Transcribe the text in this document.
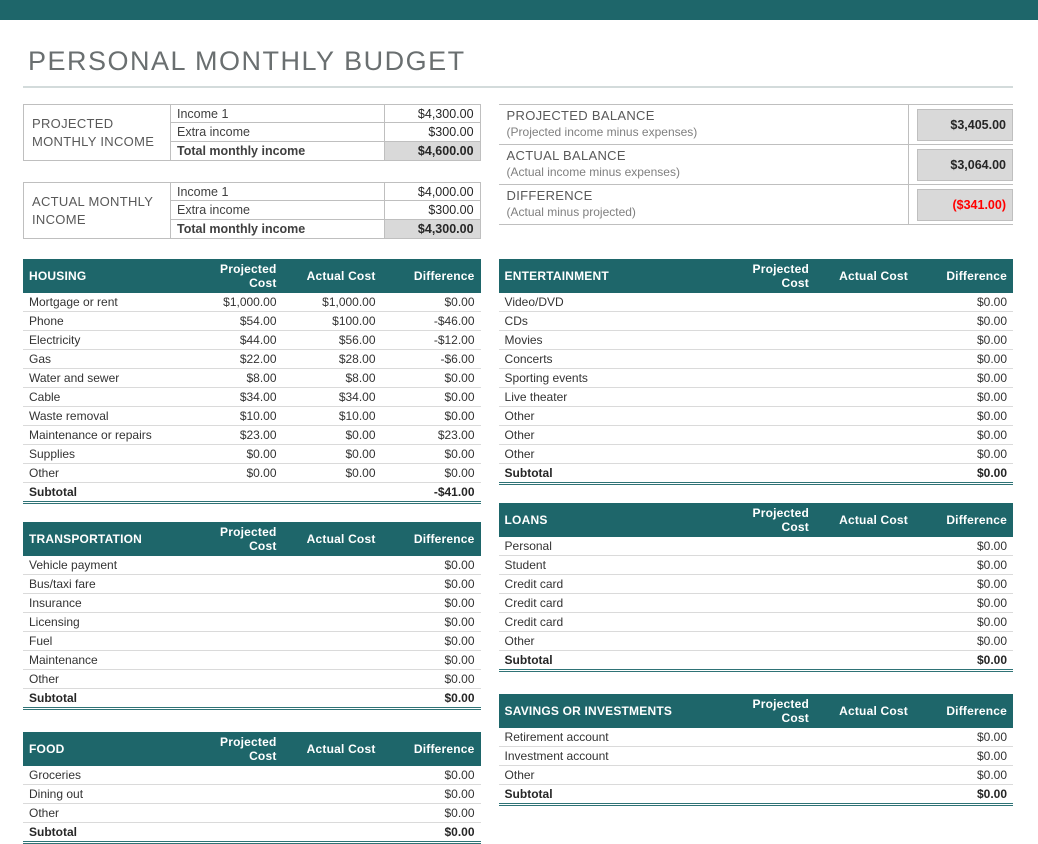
PERSONAL MONTHLY BUDGET
PROJECTED MONTHLY INCOME
Income 1	$4,300.00
Extra income	$300.00
Total monthly income	$4,600.00
ACTUAL MONTHLY INCOME
Income 1	$4,000.00
Extra income	$300.00
Total monthly income	$4,300.00
PROJECTED BALANCE
(Projected income minus expenses)
$3,405.00
ACTUAL BALANCE
(Actual income minus expenses)
$3,064.00
DIFFERENCE
(Actual minus projected)
($341.00)
HOUSING	Projected Cost	Actual Cost	Difference
Mortgage or rent	$1,000.00	$1,000.00	$0.00
Phone	$54.00	$100.00	-$46.00
Electricity	$44.00	$56.00	-$12.00
Gas	$22.00	$28.00	-$6.00
Water and sewer	$8.00	$8.00	$0.00
Cable	$34.00	$34.00	$0.00
Waste removal	$10.00	$10.00	$0.00
Maintenance or repairs	$23.00	$0.00	$23.00
Supplies	$0.00	$0.00	$0.00
Other	$0.00	$0.00	$0.00
Subtotal			-$41.00
TRANSPORTATION	Projected Cost	Actual Cost	Difference
Vehicle payment			$0.00
Bus/taxi fare			$0.00
Insurance			$0.00
Licensing			$0.00
Fuel			$0.00
Maintenance			$0.00
Other			$0.00
Subtotal			$0.00
FOOD	Projected Cost	Actual Cost	Difference
Groceries			$0.00
Dining out			$0.00
Other			$0.00
Subtotal			$0.00
ENTERTAINMENT	Projected Cost	Actual Cost	Difference
Video/DVD			$0.00
CDs			$0.00
Movies			$0.00
Concerts			$0.00
Sporting events			$0.00
Live theater			$0.00
Other			$0.00
Other			$0.00
Other			$0.00
Subtotal			$0.00
LOANS	Projected Cost	Actual Cost	Difference
Personal			$0.00
Student			$0.00
Credit card			$0.00
Credit card			$0.00
Credit card			$0.00
Other			$0.00
Subtotal			$0.00
SAVINGS OR INVESTMENTS	Projected Cost	Actual Cost	Difference
Retirement account			$0.00
Investment account			$0.00
Other			$0.00
Subtotal			$0.00
